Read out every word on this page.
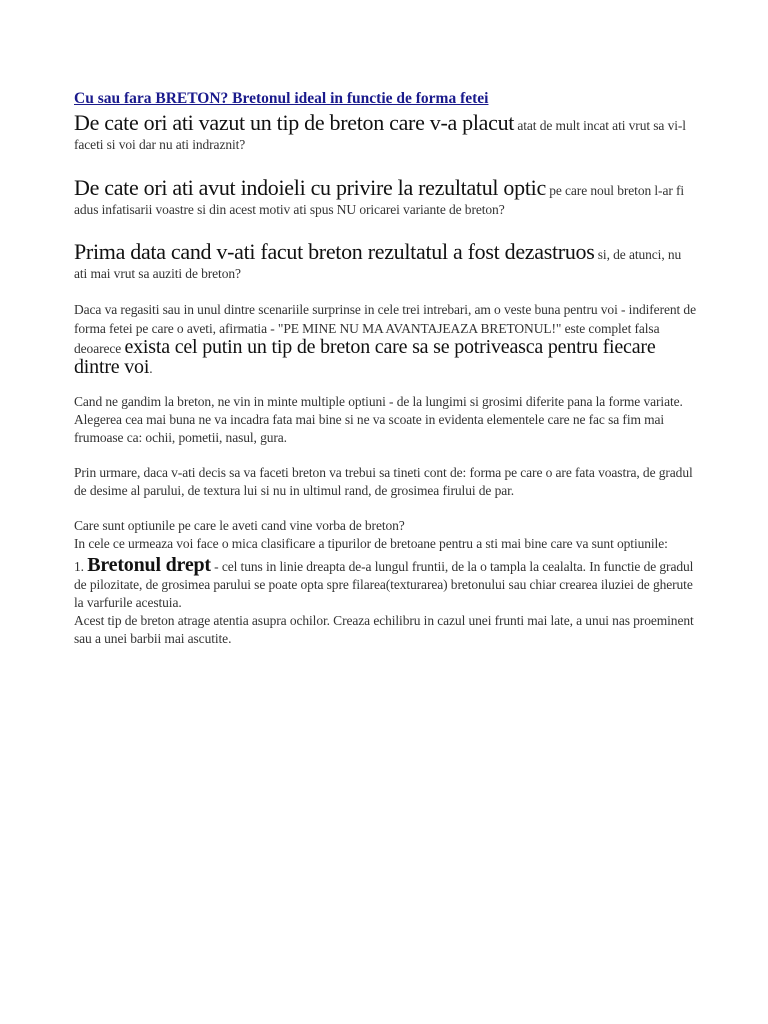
Cu sau fara BRETON? Bretonul ideal in functie de forma fetei

De cate ori ati vazut un tip de breton care v-a placut atat de mult incat ati vrut sa vi-l faceti si voi dar nu ati indraznit?

De cate ori ati avut indoieli cu privire la rezultatul optic pe care noul breton l-ar fi adus infatisarii voastre si din acest motiv ati spus NU oricarei variante de breton?

Prima data cand v-ati facut breton rezultatul a fost dezastruos si, de atunci, nu ati mai vrut sa auziti de breton?

Daca va regasiti sau in unul dintre scenariile surprinse in cele trei intrebari, am o veste buna pentru voi - indiferent de forma fetei pe care o aveti, afirmatia - "PE MINE NU MA AVANTAJEAZA BRETONUL!" este complet falsa deoarece exista cel putin un tip de breton care sa se potriveasca pentru fiecare dintre voi.

Cand ne gandim la breton, ne vin in minte multiple optiuni - de la lungimi si grosimi diferite pana la forme variate. Alegerea cea mai buna ne va incadra fata mai bine si ne va scoate in evidenta elementele care ne fac sa fim mai frumoase ca: ochii, pometii, nasul, gura.

Prin urmare, daca v-ati decis sa va faceti breton va trebui sa tineti cont de: forma pe care o are fata voastra, de gradul de desime al parului, de textura lui si nu in ultimul rand, de grosimea firului de par.

Care sunt optiunile pe care le aveti cand vine vorba de breton?

In cele ce urmeaza voi face o mica clasificare a tipurilor de bretoane pentru a sti mai bine care va sunt optiunile:

1. Bretonul drept - cel tuns in linie dreapta de-a lungul fruntii, de la o tampla la cealalta. In functie de gradul de pilozitate, de grosimea parului se poate opta spre filarea(texturarea) bretonului sau chiar crearea iluziei de gherute la varfurile acestuia.

Acest tip de breton atrage atentia asupra ochilor. Creaza echilibru in cazul unei frunti mai late, a unui nas proeminent sau a unei barbii mai ascutite.
